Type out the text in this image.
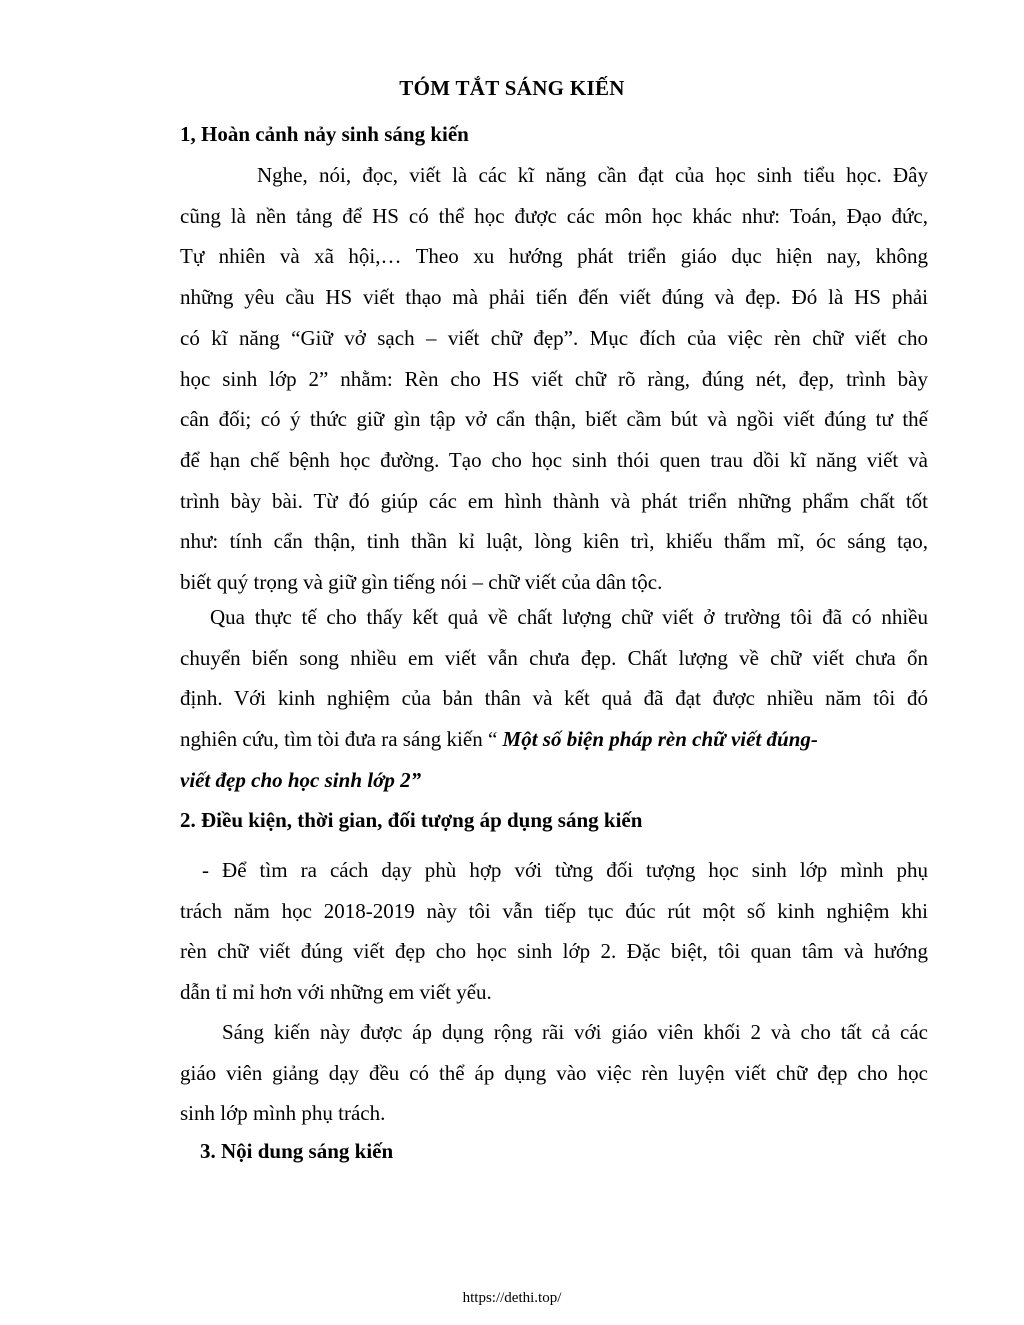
TÓM TẮT SÁNG KIẾN
1, Hoàn cảnh nảy sinh sáng kiến
Nghe, nói, đọc, viết là các kĩ năng cần đạt của học sinh tiểu học. Đây
cũng là nền tảng để HS có thể học được các môn học khác như: Toán, Đạo đức,
Tự nhiên và xã hội,… Theo xu hướng phát triển giáo dục hiện nay, không
những yêu cầu HS viết thạo mà phải tiến đến viết đúng và đẹp. Đó là HS phải
có kĩ năng “Giữ vở sạch – viết chữ đẹp”. Mục đích của việc rèn chữ viết cho
học sinh lớp 2” nhằm: Rèn cho HS viết chữ rõ ràng, đúng nét, đẹp, trình bày
cân đối; có ý thức giữ gìn tập vở cẩn thận, biết cầm bút và ngồi viết đúng tư thế
để hạn chế bệnh học đường. Tạo cho học sinh thói quen trau dồi kĩ năng viết và
trình bày bài. Từ đó giúp các em hình thành và phát triển những phẩm chất tốt
như: tính cẩn thận, tinh thần kỉ luật, lòng kiên trì, khiếu thẩm mĩ, óc sáng tạo,
biết quý trọng và giữ gìn tiếng nói – chữ viết của dân tộc.
Qua thực tế cho thấy kết quả về chất lượng chữ viết ở trường tôi đã có nhiều
chuyển biến song nhiều em viết vẫn chưa đẹp. Chất lượng về chữ viết chưa ổn
định. Với kinh nghiệm của bản thân và kết quả đã đạt được nhiều năm tôi đó
nghiên cứu, tìm tòi đưa ra sáng kiến “ Một số biện pháp rèn chữ viết đúng-
viết đẹp cho học sinh lớp 2”
2. Điều kiện, thời gian, đối tượng áp dụng sáng kiến
- Để tìm ra cách dạy phù hợp với từng đối tượng học sinh lớp mình phụ
trách năm học 2018-2019 này tôi vẫn tiếp tục đúc rút một số kinh nghiệm khi
rèn chữ viết đúng viết đẹp cho học sinh lớp 2. Đặc biệt, tôi quan tâm và hướng
dẫn tỉ mỉ hơn với những em viết yếu.
Sáng kiến này được áp dụng rộng rãi với giáo viên khối 2 và cho tất cả các
giáo viên giảng dạy đều có thể áp dụng vào việc rèn luyện viết chữ đẹp cho học
sinh lớp mình phụ trách.
3. Nội dung sáng kiến
https://dethi.top/
